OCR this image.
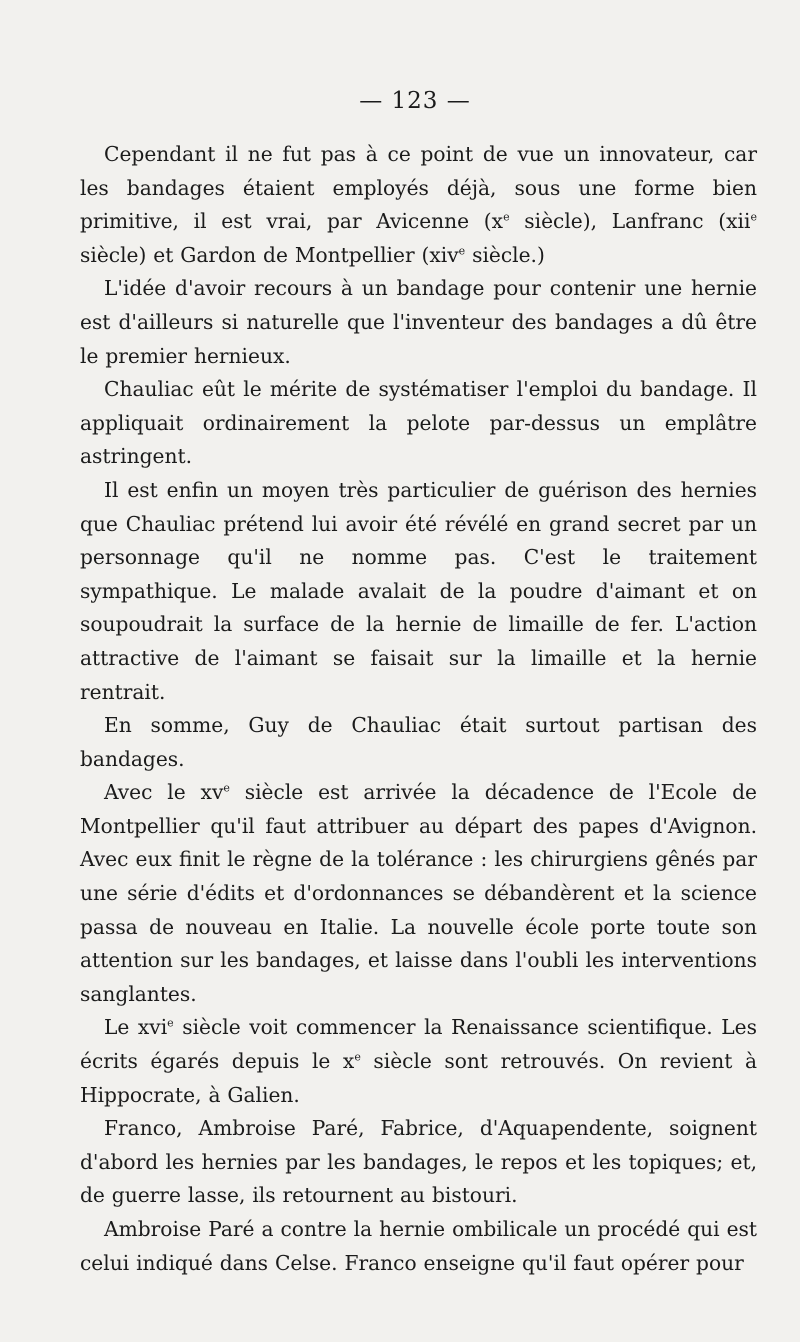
— 123 —

Cependant il ne fut pas à ce point de vue un innovateur, car les bandages étaient employés déjà, sous une forme bien primitive, il est vrai, par Avicenne ($x^e$ siècle), Lanfranc (xii$^e$ siècle) et Gardon de Montpellier (xiv$^e$ siècle.)

L'idée d'avoir recours à un bandage pour contenir une hernie est d'ailleurs si naturelle que l'inventeur des bandages a dû être le premier hernieux.

Chauliac eût le mérite de systématiser l'emploi du bandage. Il appliquait ordinairement la pelote par-dessus un emplâtre astringent.

Il est enfin un moyen très particulier de guérison des hernies que Chauliac prétend lui avoir été révélé en grand secret par un personnage qu'il ne nomme pas. C'est le traitement sympathique. Le malade avalait de la poudre d'aimant et on soupoudrait la surface de la hernie de limaille de fer. L'action attractive de l'aimant se faisait sur la limaille et la hernie rentrait.

En somme, Guy de Chauliac était surtout partisan des bandages.

Avec le $xv^e$ siècle est arrivée la décadence de l'Ecole de Montpellier qu'il faut attribuer au départ des papes d'Avignon. Avec eux finit le règne de la tolérance : les chirurgiens gênés par une série d'édits et d'ordonnances se débandèrent et la science passa de nouveau en Italie. La nouvelle école porte toute son attention sur les bandages, et laisse dans l'oubli les interventions sanglantes.

Le xvi$^e$ siècle voit commencer la Renaissance scientifique. Les écrits égarés depuis le $x^e$ siècle sont retrouvés. On revient à Hippocrate, à Galien.

Franco, Ambroise Paré, Fabrice, d'Aquapendente, soignent d'abord les hernies par les bandages, le repos et les topiques; et, de guerre lasse, ils retournent au bistouri.

Ambroise Paré a contre la hernie ombilicale un procédé qui est celui indiqué dans Celse. Franco enseigne qu'il faut opérer pour
